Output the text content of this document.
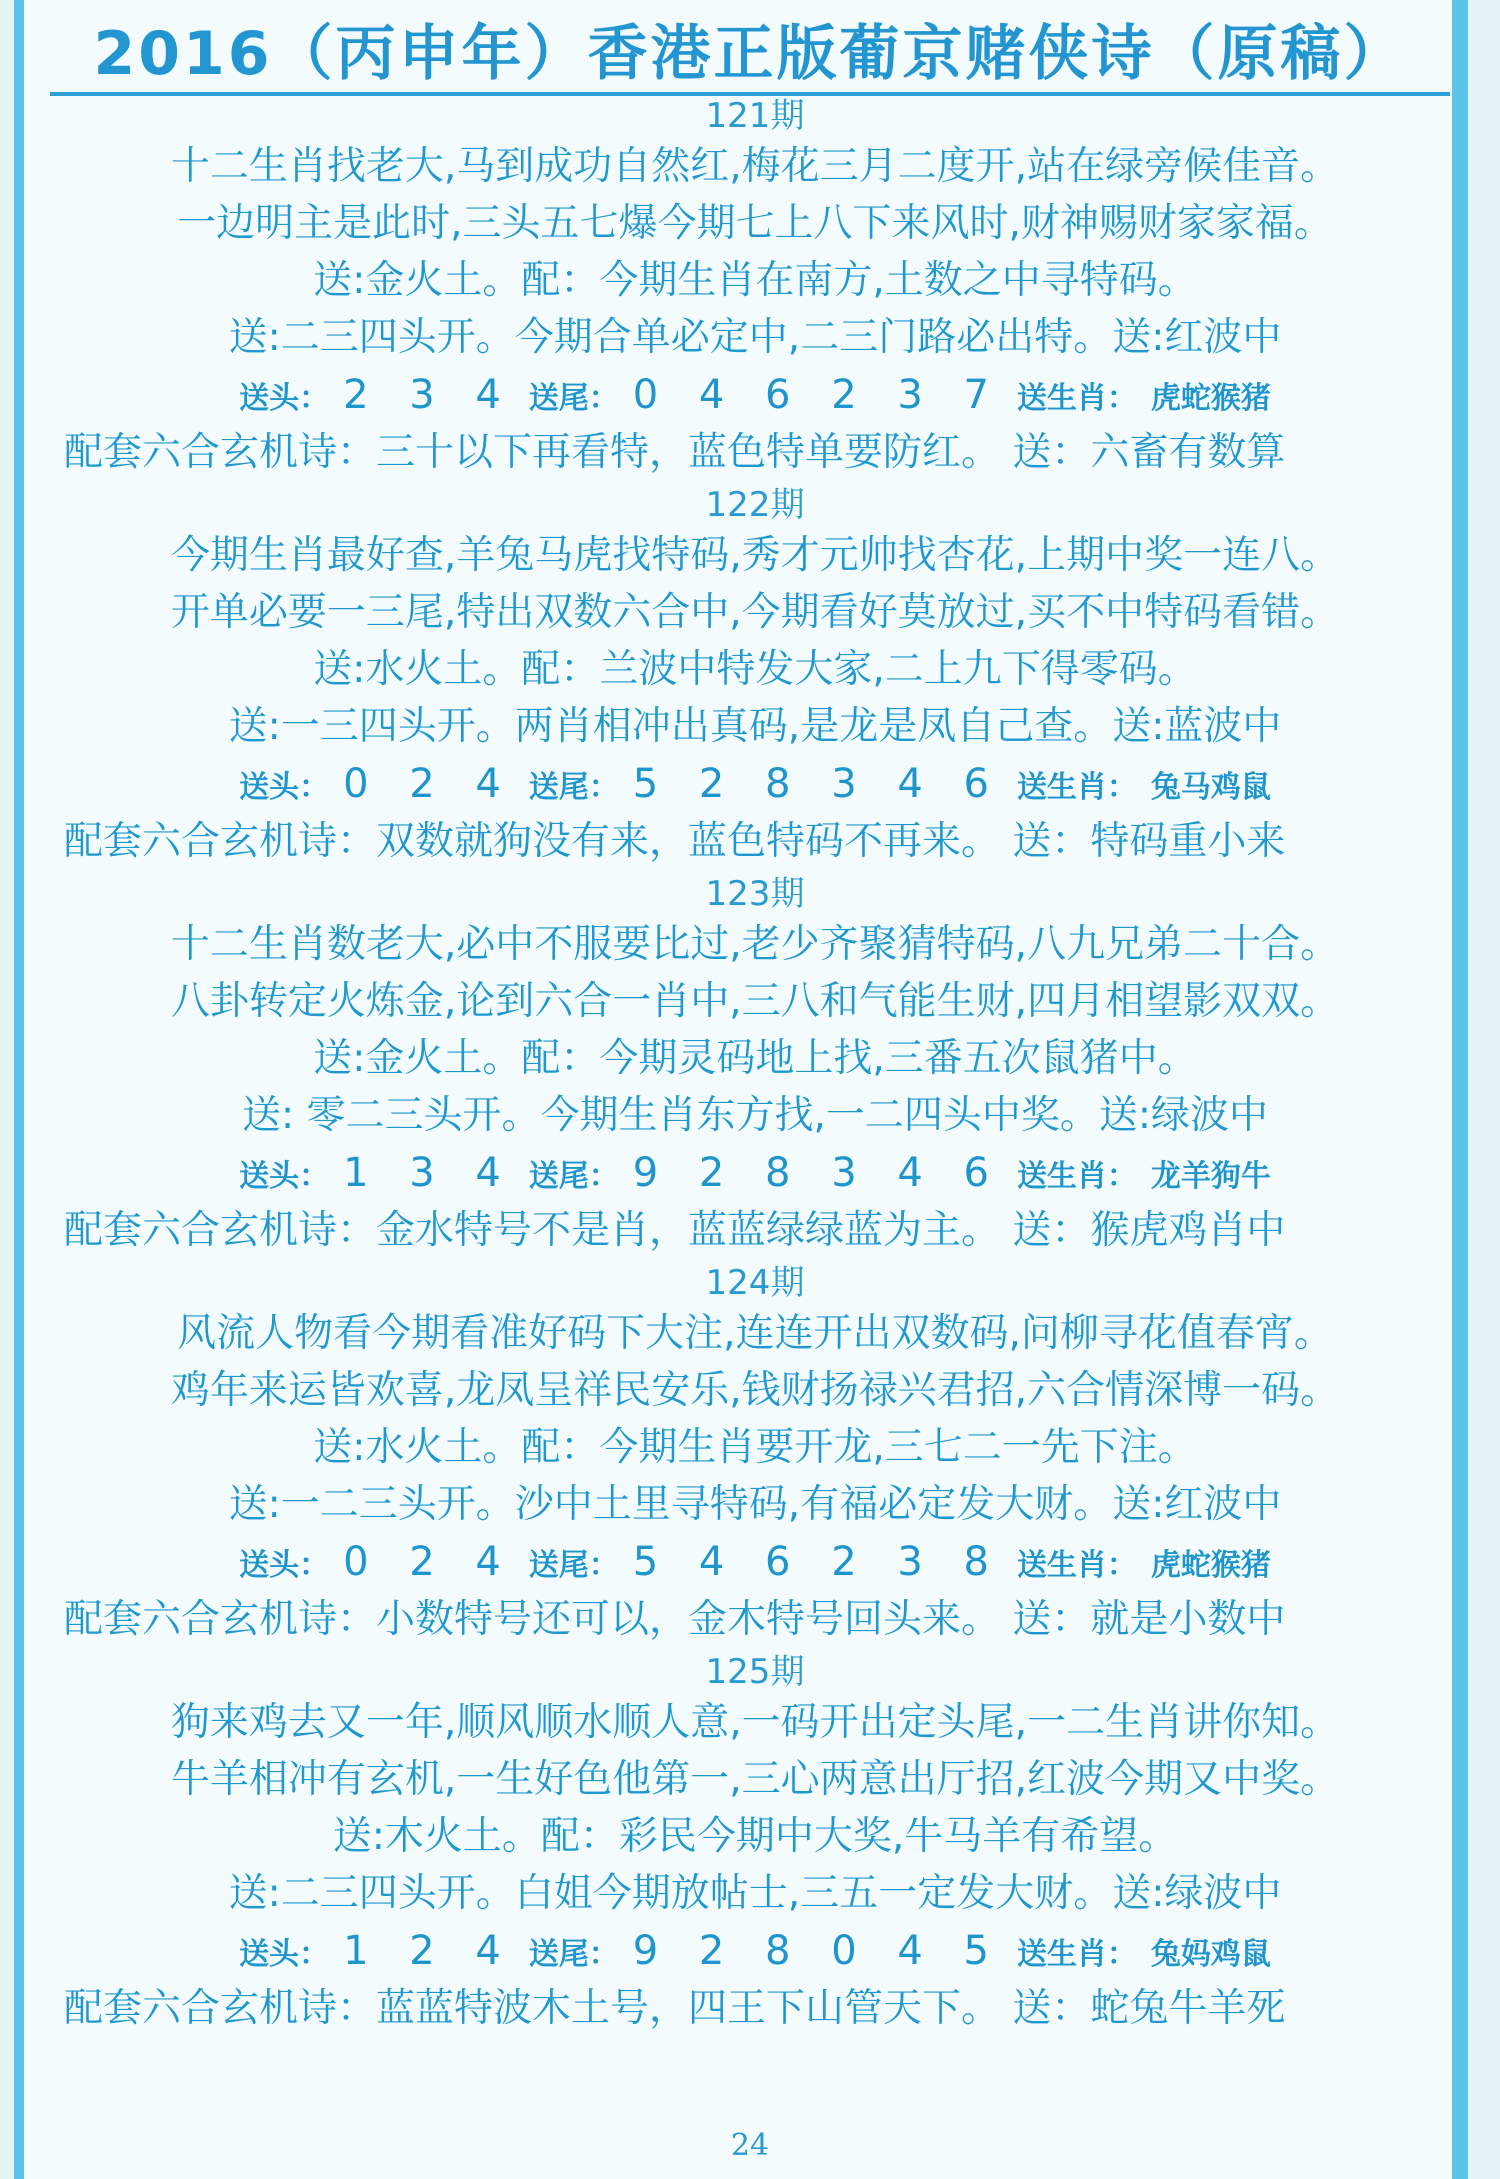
2016（丙申年）香港正版葡京赌侠诗（原稿）
121期
十二生肖找老大,马到成功自然红,梅花三月二度开,站在绿旁候佳音。
一边明主是此时,三头五七爆今期七上八下来风时,财神赐财家家福。
送:金火土。配：今期生肖在南方,土数之中寻特码。
送:二三四头开。今期合单必定中,二三门路必出特。送:红波中
送头： 2 3 4 送尾： 0 4 6 2 3 7 送生肖： 虎蛇猴猪
配套六合玄机诗：三十以下再看特，蓝色特单要防红。 送：六畜有数算
122期
今期生肖最好查,羊兔马虎找特码,秀才元帅找杏花,上期中奖一连八。
开单必要一三尾,特出双数六合中,今期看好莫放过,买不中特码看错。
送:水火土。配：兰波中特发大家,二上九下得零码。
送:一三四头开。两肖相冲出真码,是龙是凤自己查。送:蓝波中
送头： 0 2 4 送尾： 5 2 8 3 4 6 送生肖： 兔马鸡鼠
配套六合玄机诗：双数就狗没有来，蓝色特码不再来。 送：特码重小来
123期
十二生肖数老大,必中不服要比过,老少齐聚猜特码,八九兄弟二十合。
八卦转定火炼金,论到六合一肖中,三八和气能生财,四月相望影双双。
送:金火土。配：今期灵码地上找,三番五次鼠猪中。
送: 零二三头开。今期生肖东方找,一二四头中奖。送:绿波中
送头： 1 3 4 送尾： 9 2 8 3 4 6 送生肖： 龙羊狗牛
配套六合玄机诗：金水特号不是肖，蓝蓝绿绿蓝为主。 送：猴虎鸡肖中
124期
风流人物看今期看准好码下大注,连连开出双数码,问柳寻花值春宵。
鸡年来运皆欢喜,龙凤呈祥民安乐,钱财扬禄兴君招,六合情深博一码。
送:水火土。配：今期生肖要开龙,三七二一先下注。
送:一二三头开。沙中土里寻特码,有福必定发大财。送:红波中
送头： 0 2 4 送尾： 5 4 6 2 3 8 送生肖： 虎蛇猴猪
配套六合玄机诗：小数特号还可以，金木特号回头来。 送：就是小数中
125期
狗来鸡去又一年,顺风顺水顺人意,一码开出定头尾,一二生肖讲你知。
牛羊相冲有玄机,一生好色他第一,三心两意出厅招,红波今期又中奖。
送:木火土。配：彩民今期中大奖,牛马羊有希望。
送:二三四头开。白姐今期放帖士,三五一定发大财。送:绿波中
送头： 1 2 4 送尾： 9 2 8 0 4 5 送生肖： 兔妈鸡鼠
配套六合玄机诗：蓝蓝特波木土号，四王下山管天下。 送：蛇兔牛羊死
24
